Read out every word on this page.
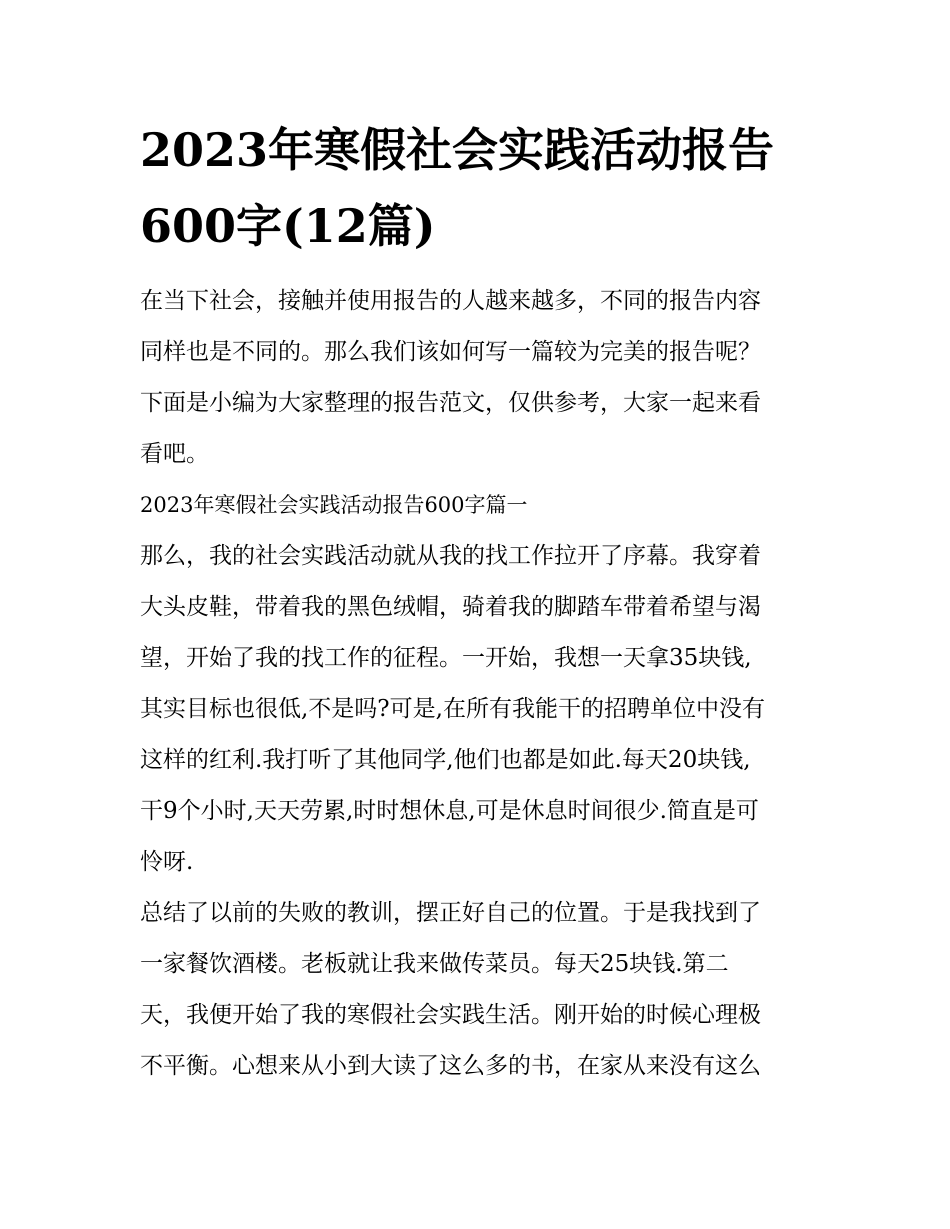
2023年寒假社会实践活动报告
600字(12篇)
在当下社会，接触并使用报告的人越来越多，不同的报告内容
同样也是不同的。那么我们该如何写一篇较为完美的报告呢？
下面是小编为大家整理的报告范文，仅供参考，大家一起来看
看吧。
2023年寒假社会实践活动报告600字篇一
那么，我的社会实践活动就从我的找工作拉开了序幕。我穿着
大头皮鞋，带着我的黑色绒帽，骑着我的脚踏车带着希望与渴
望，开始了我的找工作的征程。一开始，我想一天拿35块钱,
其实目标也很低,不是吗?可是,在所有我能干的招聘单位中没有
这样的红利.我打听了其他同学,他们也都是如此.每天20块钱,
干9个小时,天天劳累,时时想休息,可是休息时间很少.简直是可
怜呀.
总结了以前的失败的教训，摆正好自己的位置。于是我找到了
一家餐饮酒楼。老板就让我来做传菜员。每天25块钱.第二
天，我便开始了我的寒假社会实践生活。刚开始的时候心理极
不平衡。心想来从小到大读了这么多的书，在家从来没有这么
